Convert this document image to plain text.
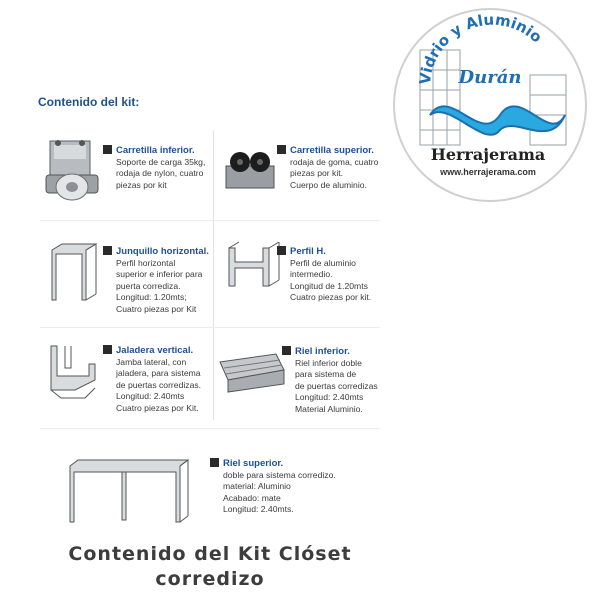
Contenido del kit:
Carretilla inferior.
Soporte de carga 35kg,
rodaja de nylon, cuatro
piezas por kit
Carretilla superior.
rodaja de goma, cuatro
piezas por kit.
Cuerpo de aluminio.
Junquillo horizontal.
Perfil horizontal
superior e inferior para
puerta corrediza.
Longitud: 1.20mts;
Cuatro piezas por Kit
Perfil H.
Perfil de aluminio
intermedio.
Longitud de 1.20mts
Cuatro piezas por kit.
Jaladera vertical.
Jamba lateral, con
jaladera, para sistema
de puertas corredizas.
Longitud: 2.40mts
Cuatro piezas por Kit.
Riel inferior.
Riel inferior doble
para sistema de
de puertas corredizas
Longitud: 2.40mts
Material Aluminio.
Riel superior.
doble para sistema corredizo.
material: Aluminio
Acabado: mate
Longitud: 2.40mts.
Contenido del Kit Clóset
corredizo
Vidrio y Aluminio
Durán
Herrajerama
www.herrajerama.com
